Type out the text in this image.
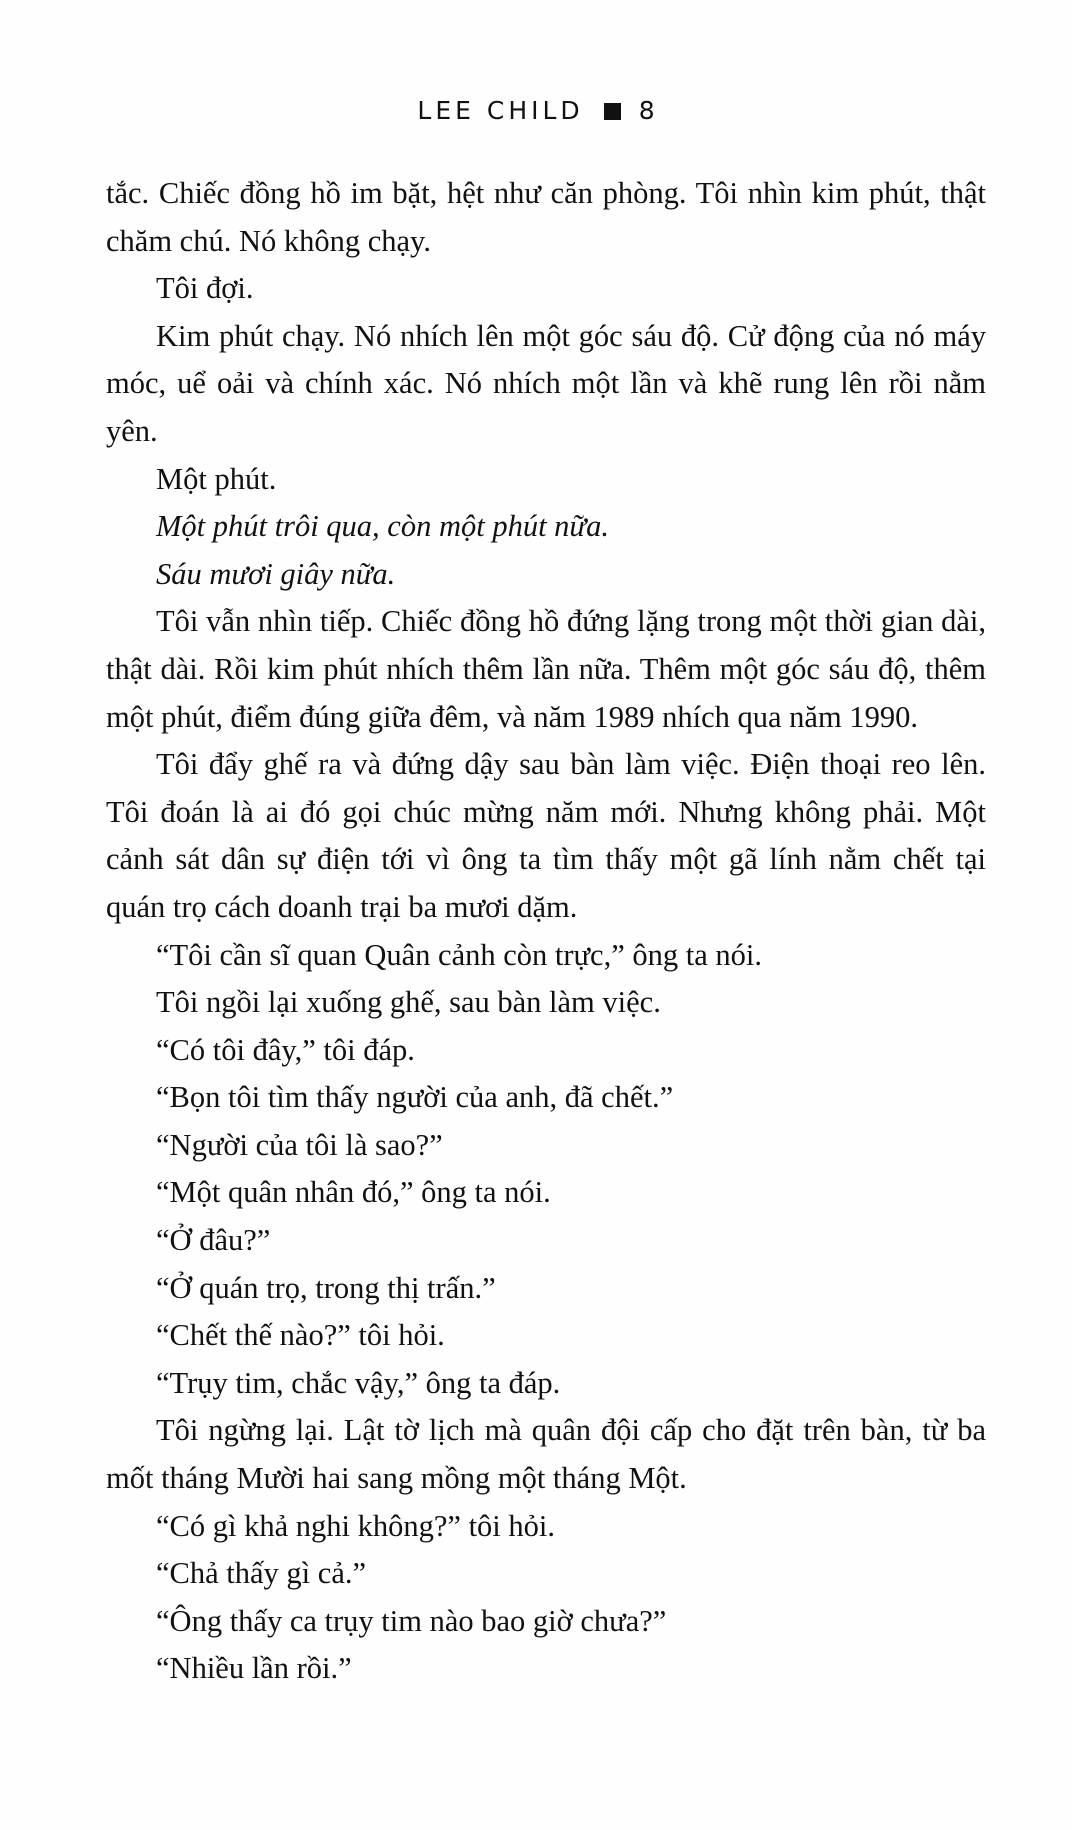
LEE CHILD 8

tắc. Chiếc đồng hồ im bặt, hệt như căn phòng. Tôi nhìn kim phút, thật chăm chú. Nó không chạy.

Tôi đợi.

Kim phút chạy. Nó nhích lên một góc sáu độ. Cử động của nó máy móc, uể oải và chính xác. Nó nhích một lần và khẽ rung lên rồi nằm yên.

Một phút.

Một phút trôi qua, còn một phút nữa.

Sáu mươi giây nữa.

Tôi vẫn nhìn tiếp. Chiếc đồng hồ đứng lặng trong một thời gian dài, thật dài. Rồi kim phút nhích thêm lần nữa. Thêm một góc sáu độ, thêm một phút, điểm đúng giữa đêm, và năm 1989 nhích qua năm 1990.

Tôi đẩy ghế ra và đứng dậy sau bàn làm việc. Điện thoại reo lên. Tôi đoán là ai đó gọi chúc mừng năm mới. Nhưng không phải. Một cảnh sát dân sự điện tới vì ông ta tìm thấy một gã lính nằm chết tại quán trọ cách doanh trại ba mươi dặm.

“Tôi cần sĩ quan Quân cảnh còn trực,” ông ta nói.

Tôi ngồi lại xuống ghế, sau bàn làm việc.

“Có tôi đây,” tôi đáp.

“Bọn tôi tìm thấy người của anh, đã chết.”

“Người của tôi là sao?”

“Một quân nhân đó,” ông ta nói.

“Ở đâu?”

“Ở quán trọ, trong thị trấn.”

“Chết thế nào?” tôi hỏi.

“Trụy tim, chắc vậy,” ông ta đáp.

Tôi ngừng lại. Lật tờ lịch mà quân đội cấp cho đặt trên bàn, từ ba mốt tháng Mười hai sang mồng một tháng Một.

“Có gì khả nghi không?” tôi hỏi.

“Chả thấy gì cả.”

“Ông thấy ca trụy tim nào bao giờ chưa?”

“Nhiều lần rồi.”
